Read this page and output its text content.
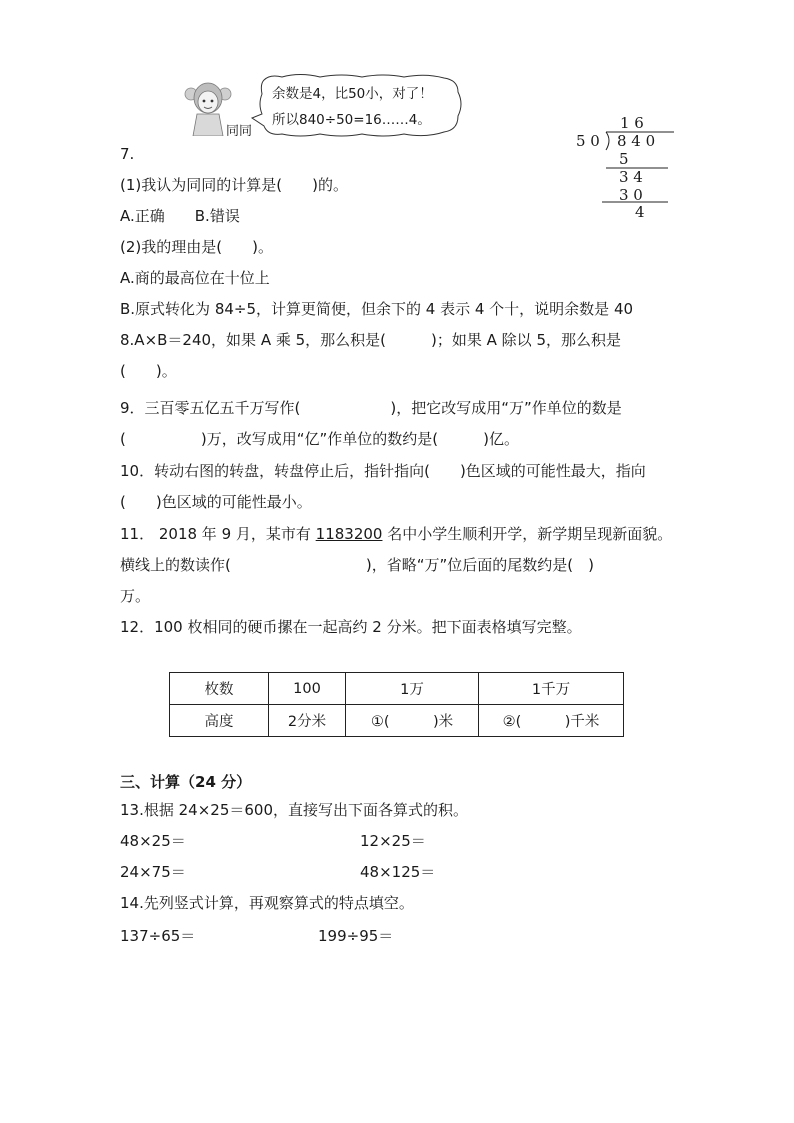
同同
余数是4，比50小，对了！
所以840÷50=16……4。	1 6
5 0 8 4 0
5
3 4
3 0
4
7.
(1)我认为同同的计算是(　　)的。
A.正确　　B.错误
(2)我的理由是(　　)。
A.商的最高位在十位上
B.原式转化为 84÷5，计算更简便，但余下的 4 表示 4 个十，说明余数是 40
8.A×B＝240，如果 A 乘 5，那么积是(　　　)；如果 A 除以 5，那么积是
(　　)。
9．三百零五亿五千万写作(　　　　　　)，把它改写成用“万”作单位的数是
(　　　　　)万，改写成用“亿”作单位的数约是(　　　)亿。
10．转动右图的转盘，转盘停止后，指针指向(　　)色区域的可能性最大，指向
(　　)色区域的可能性最小。
11． 2018 年 9 月，某市有 1183200 名中小学生顺利开学，新学期呈现新面貌。
横线上的数读作(　　　　　　　　　)，省略“万”位后面的尾数约是(　)
万。
12．100 枚相同的硬币摞在一起高约 2 分米。把下面表格填写完整。
枚数	100	1万	1千万
高度	2分米	①(　　　)米	②(　　　)千米
三、计算（24 分）
13.根据 24×25＝600，直接写出下面各算式的积。
48×25＝	12×25＝
24×75＝	48×125＝
14.先列竖式计算，再观察算式的特点填空。
137÷65＝	199÷95＝
